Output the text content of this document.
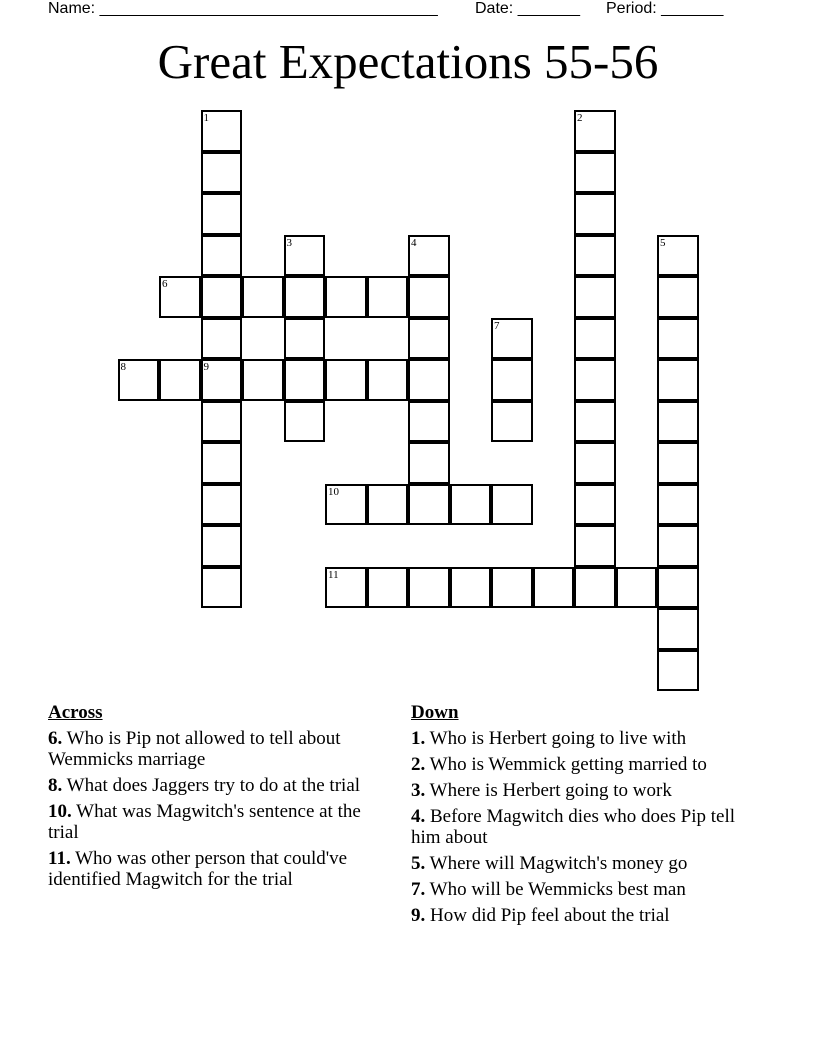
Name: ______________________________________

Date: _______

Period: _______

Great Expectations 55-56
1
9
2
3	4	5
6
7
8
10
11
Across
6. Who is Pip not allowed to tell about Wemmicks marriage
8. What does Jaggers try to do at the trial
10. What was Magwitch's sentence at the trial
11. Who was other person that could've identified Magwitch for the trial
Down
1. Who is Herbert going to live with
2. Who is Wemmick getting married to
3. Where is Herbert going to work
4. Before Magwitch dies who does Pip tell him about
5. Where will Magwitch's money go
7. Who will be Wemmicks best man
9. How did Pip feel about the trial
